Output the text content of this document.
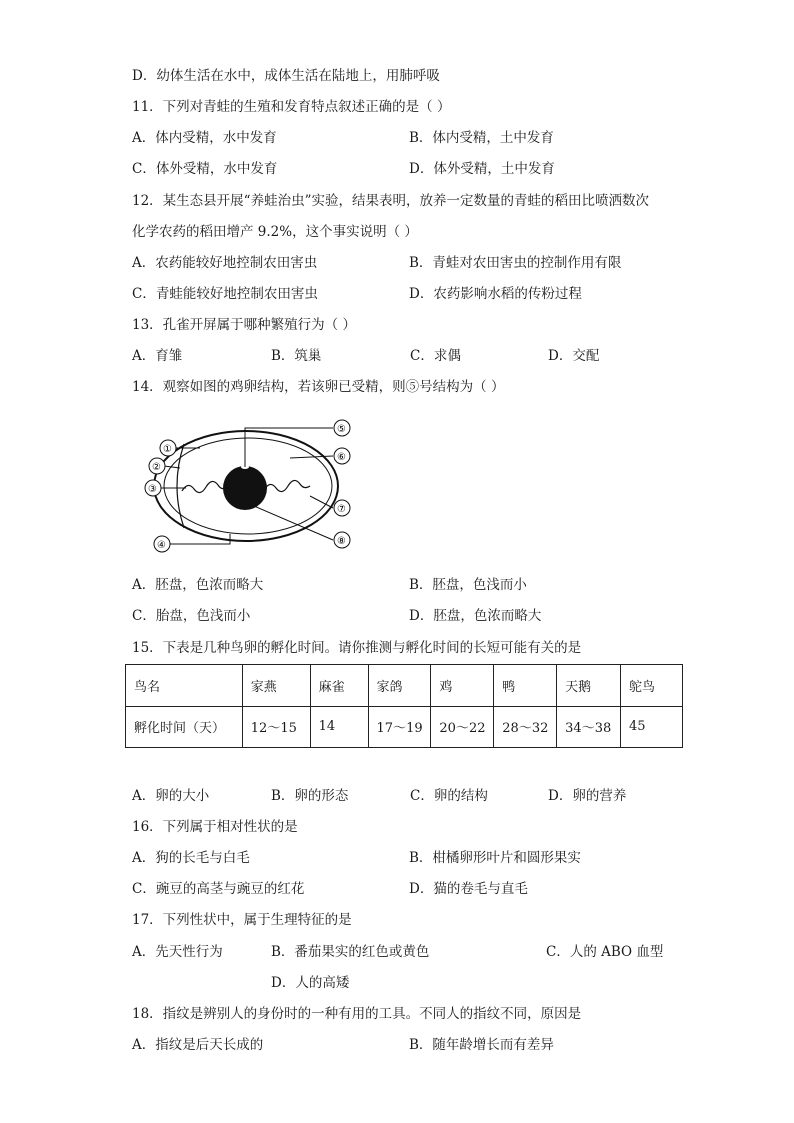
D．幼体生活在水中，成体生活在陆地上，用肺呼吸
11．下列对青蛙的生殖和发育特点叙述正确的是（ ）
A．体内受精，水中发育	B．体内受精，土中发育
C．体外受精，水中发育	D．体外受精，土中发育
12．某生态县开展“养蛙治虫”实验，结果表明，放养一定数量的青蛙的稻田比喷洒数次
化学农药的稻田增产 9.2%，这个事实说明（ ）
A．农药能较好地控制农田害虫	B．青蛙对农田害虫的控制作用有限
C．青蛙能较好地控制农田害虫	D．农药影响水稻的传粉过程
13．孔雀开屏属于哪种繁殖行为（ ）
A．育雏	B．筑巢	C．求偶	D．交配
14．观察如图的鸡卵结构，若该卵已受精，则⑤号结构为（ ）
①
②
③
④
⑤
⑥
⑦
⑧
A．胚盘，色浓而略大	B．胚盘，色浅而小
C．胎盘，色浅而小	D．胚盘，色浓而略大
15．下表是几种鸟卵的孵化时间。请你推测与孵化时间的长短可能有关的是
鸟名	家燕	麻雀	家鸽	鸡	鸭	天鹅	鸵鸟
孵化时间（天）	12～15	14	17～19	20～22	28～32	34～38	45
A．卵的大小	B．卵的形态	C．卵的结构	D．卵的营养
16．下列属于相对性状的是
A．狗的长毛与白毛	B．柑橘卵形叶片和圆形果实
C．豌豆的高茎与豌豆的红花	D．猫的卷毛与直毛
17．下列性状中，属于生理特征的是
A．先天性行为	B．番茄果实的红色或黄色	C．人的 ABO 血型
D．人的高矮
18．指纹是辨别人的身份时的一种有用的工具。不同人的指纹不同，原因是
A．指纹是后天长成的	B．随年龄增长而有差异
